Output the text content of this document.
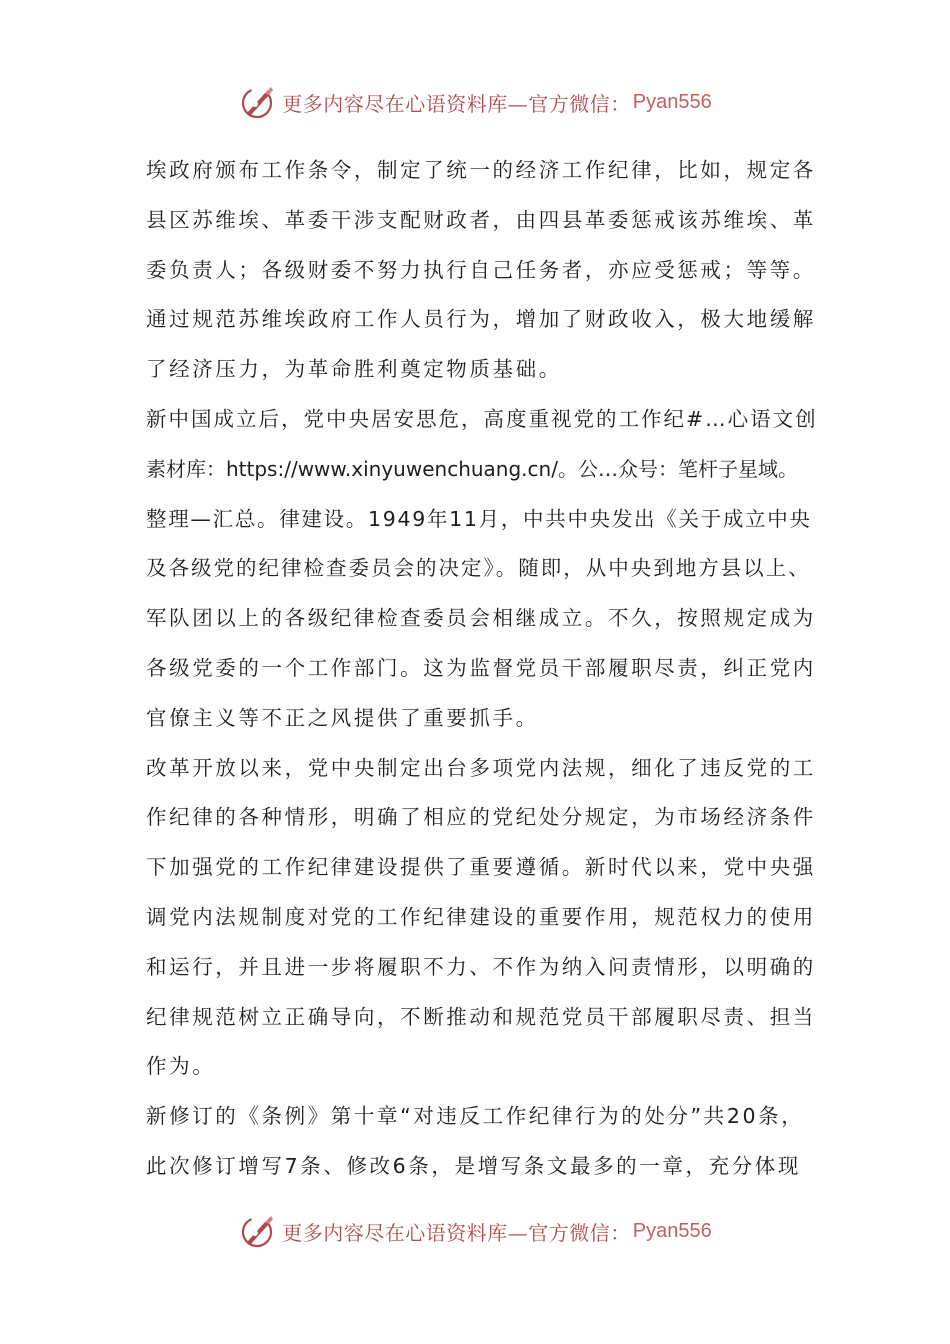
更多内容尽在心语资料库—官方微信： Pyan556
埃政府颁布工作条令，制定了统一的经济工作纪律，比如，规定各
县区苏维埃、革委干涉支配财政者，由四县革委惩戒该苏维埃、革
委负责人；各级财委不努力执行自己任务者，亦应受惩戒；等等。
通过规范苏维埃政府工作人员行为，增加了财政收入，极大地缓解
了经济压力，为革命胜利奠定物质基础。
新中国成立后，党中央居安思危，高度重视党的工作纪#…心语文创
素材库：https://www.xinyuwenchuang.cn/。公…众号：笔杆子星域。
整理—汇总。律建设。1949年11月，中共中央发出《关于成立中央
及各级党的纪律检查委员会的决定》。随即，从中央到地方县以上、
军队团以上的各级纪律检查委员会相继成立。不久，按照规定成为
各级党委的一个工作部门。这为监督党员干部履职尽责，纠正党内
官僚主义等不正之风提供了重要抓手。
改革开放以来，党中央制定出台多项党内法规，细化了违反党的工
作纪律的各种情形，明确了相应的党纪处分规定，为市场经济条件
下加强党的工作纪律建设提供了重要遵循。新时代以来，党中央强
调党内法规制度对党的工作纪律建设的重要作用，规范权力的使用
和运行，并且进一步将履职不力、不作为纳入问责情形，以明确的
纪律规范树立正确导向，不断推动和规范党员干部履职尽责、担当
作为。
新修订的《条例》第十章“对违反工作纪律行为的处分”共20条，
此次修订增写7条、修改6条，是增写条文最多的一章，充分体现
更多内容尽在心语资料库—官方微信： Pyan556
